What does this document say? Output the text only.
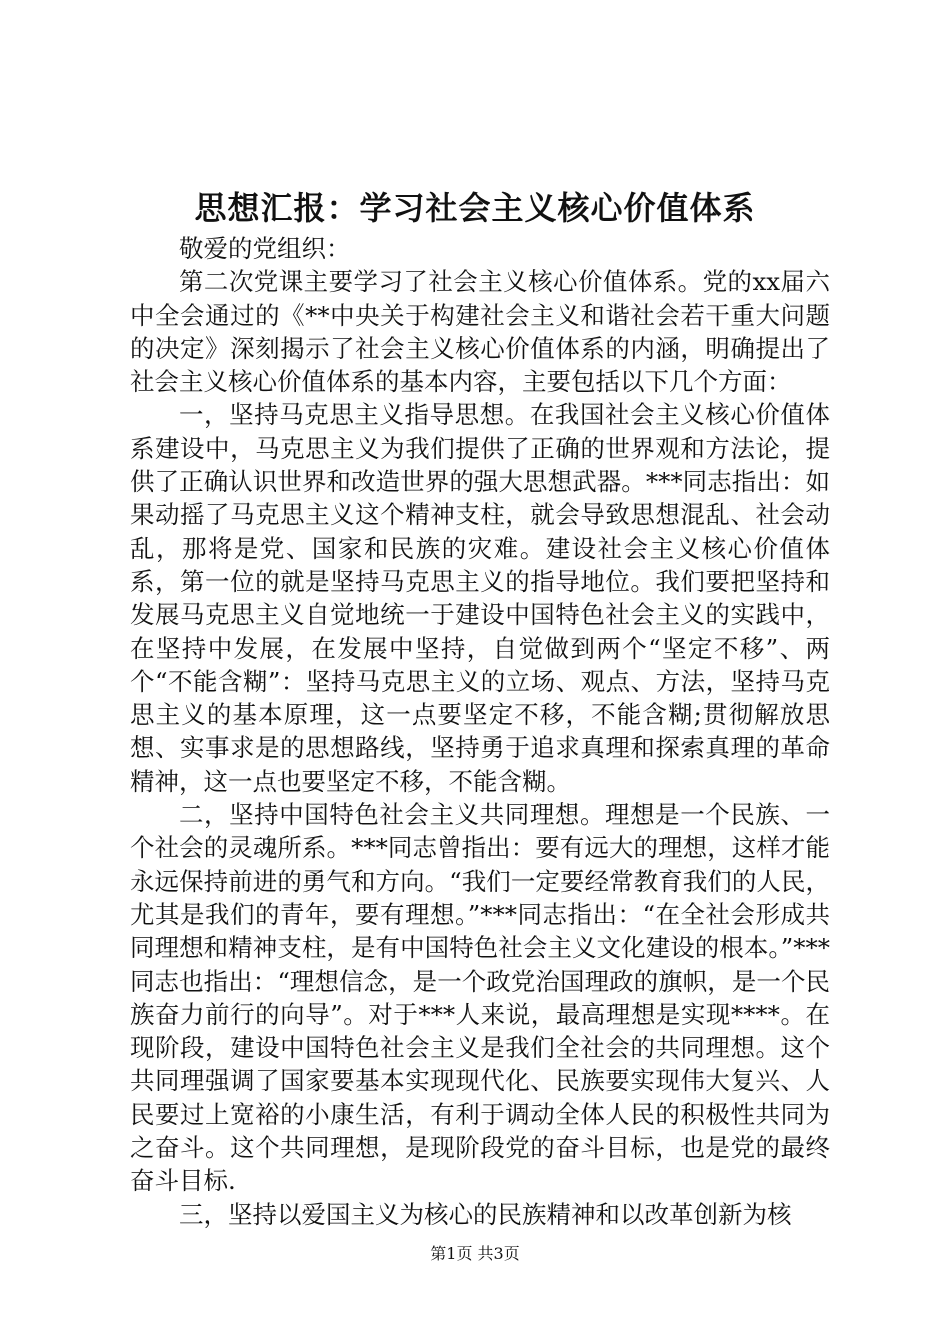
思想汇报：学习社会主义核心价值体系

敬爱的党组织：

第二次党课主要学习了社会主义核心价值体系。党的xx届六中全会通过的《**中央关于构建社会主义和谐社会若干重大问题的决定》深刻揭示了社会主义核心价值体系的内涵，明确提出了社会主义核心价值体系的基本内容，主要包括以下几个方面：

一，坚持马克思主义指导思想。在我国社会主义核心价值体系建设中，马克思主义为我们提供了正确的世界观和方法论，提供了正确认识世界和改造世界的强大思想武器。***同志指出：如果动摇了马克思主义这个精神支柱，就会导致思想混乱、社会动乱，那将是党、国家和民族的灾难。建设社会主义核心价值体系，第一位的就是坚持马克思主义的指导地位。我们要把坚持和发展马克思主义自觉地统一于建设中国特色社会主义的实践中，在坚持中发展，在发展中坚持，自觉做到两个“坚定不移”、两个“不能含糊”：坚持马克思主义的立场、观点、方法，坚持马克思主义的基本原理，这一点要坚定不移，不能含糊;贯彻解放思想、实事求是的思想路线，坚持勇于追求真理和探索真理的革命精神，这一点也要坚定不移，不能含糊。

二，坚持中国特色社会主义共同理想。理想是一个民族、一个社会的灵魂所系。***同志曾指出：要有远大的理想，这样才能永远保持前进的勇气和方向。“我们一定要经常教育我们的人民，尤其是我们的青年，要有理想。”***同志指出：“在全社会形成共同理想和精神支柱，是有中国特色社会主义文化建设的根本。”***同志也指出：“理想信念，是一个政党治国理政的旗帜，是一个民族奋力前行的向导”。对于***人来说，最高理想是实现****。在现阶段，建设中国特色社会主义是我们全社会的共同理想。这个共同理强调了国家要基本实现现代化、民族要实现伟大复兴、人民要过上宽裕的小康生活，有利于调动全体人民的积极性共同为之奋斗。这个共同理想，是现阶段党的奋斗目标，也是党的最终奋斗目标.

三，坚持以爱国主义为核心的民族精神和以改革创新为核

第1页 共3页
